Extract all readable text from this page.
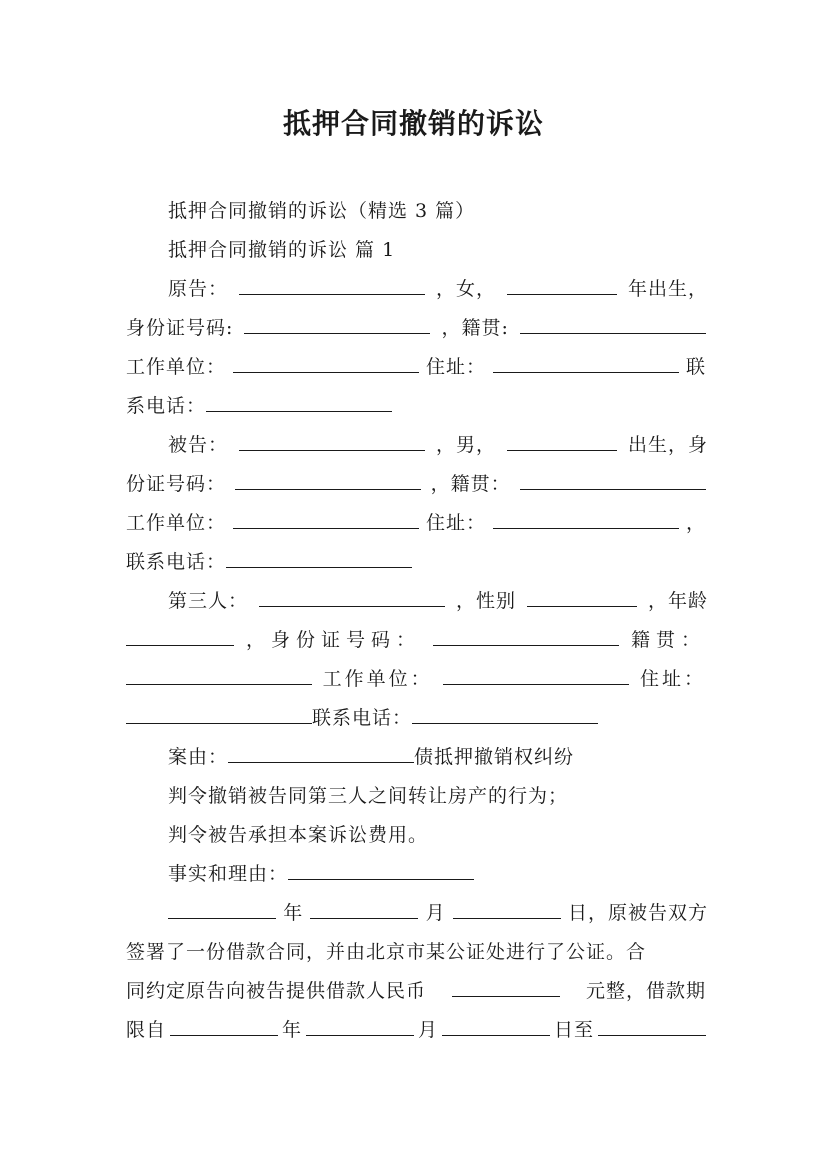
抵押合同撤销的诉讼
抵押合同撤销的诉讼（精选 3 篇）
抵押合同撤销的诉讼 篇 1
原告：	，女，	年出生，
身份证号码:	，籍贯:
工作单位：	住址：	联
系电话：
被告：	，男，	出生，身
份证号码：	，籍贯：
工作单位：	住址：	，
联系电话：
第三人：	，性别	，年龄
，身份证号码：	籍贯：
工作单位：	住址：
联系电话：
案由：	债抵押撤销权纠纷
判令撤销被告同第三人之间转让房产的行为；
判令被告承担本案诉讼费用。
事实和理由：
年	月	日，原被告双方
签署了一份借款合同，并由北京市某公证处进行了公证。合
同约定原告向被告提供借款人民币	元整，借款期
限自	年	月	日至
